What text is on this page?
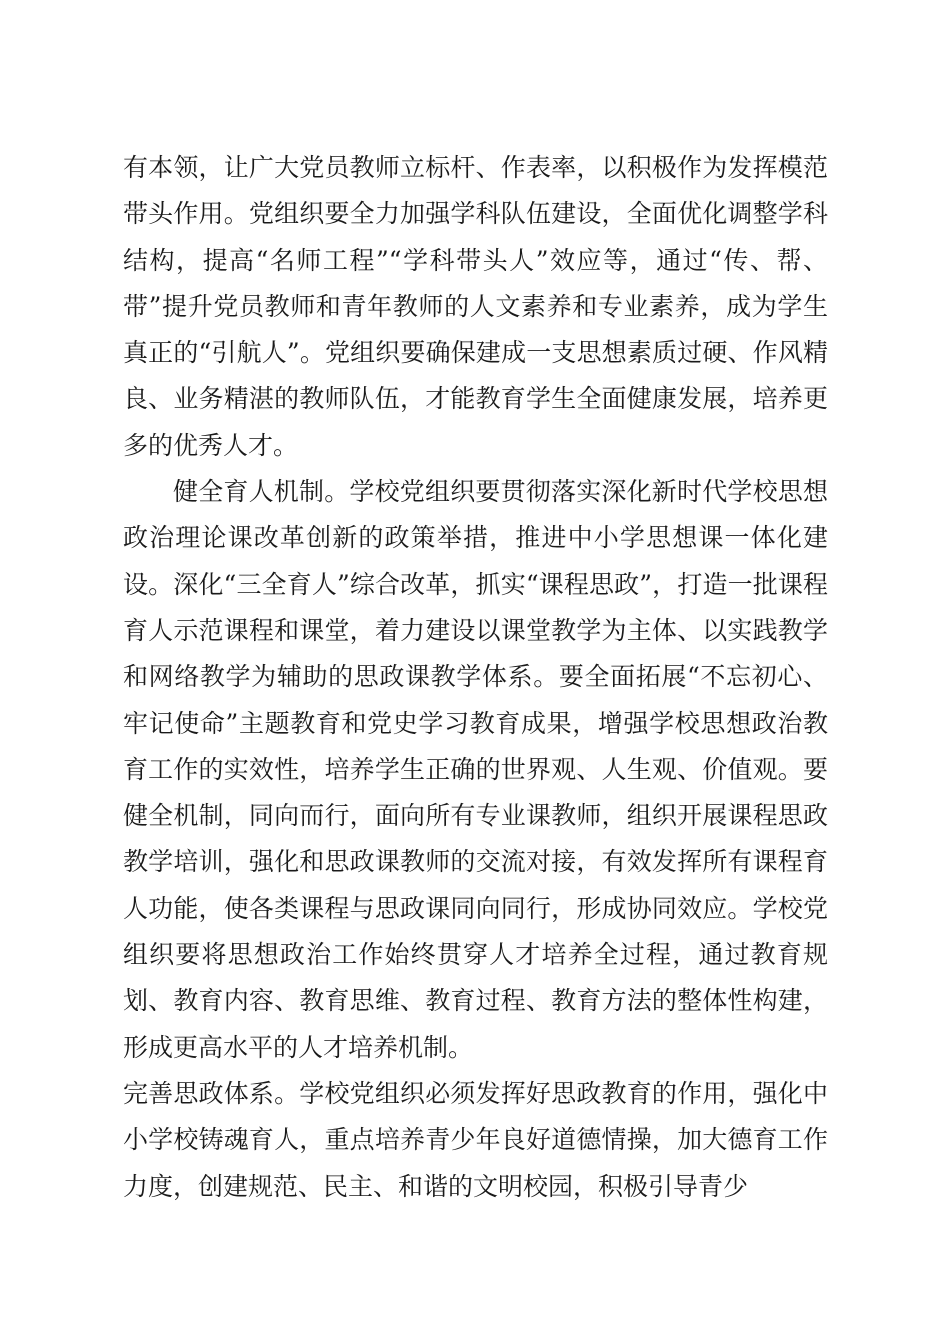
有本领，让广大党员教师立标杆、作表率，以积极作为发挥模范带头作用。党组织要全力加强学科队伍建设，全面优化调整学科结构，提高“名师工程”“学科带头人”效应等，通过“传、帮、带”提升党员教师和青年教师的人文素养和专业素养，成为学生真正的“引航人”。党组织要确保建成一支思想素质过硬、作风精良、业务精湛的教师队伍，才能教育学生全面健康发展，培养更多的优秀人才。

健全育人机制。学校党组织要贯彻落实深化新时代学校思想政治理论课改革创新的政策举措，推进中小学思想课一体化建设。深化“三全育人”综合改革，抓实“课程思政”，打造一批课程育人示范课程和课堂，着力建设以课堂教学为主体、以实践教学和网络教学为辅助的思政课教学体系。要全面拓展“不忘初心、牢记使命”主题教育和党史学习教育成果，增强学校思想政治教育工作的实效性，培养学生正确的世界观、人生观、价值观。要健全机制，同向而行，面向所有专业课教师，组织开展课程思政教学培训，强化和思政课教师的交流对接，有效发挥所有课程育人功能，使各类课程与思政课同向同行，形成协同效应。学校党组织要将思想政治工作始终贯穿人才培养全过程，通过教育规划、教育内容、教育思维、教育过程、教育方法的整体性构建，形成更高水平的人才培养机制。

完善思政体系。学校党组织必须发挥好思政教育的作用，强化中小学校铸魂育人，重点培养青少年良好道德情操，加大德育工作力度，创建规范、民主、和谐的文明校园，积极引导青少
